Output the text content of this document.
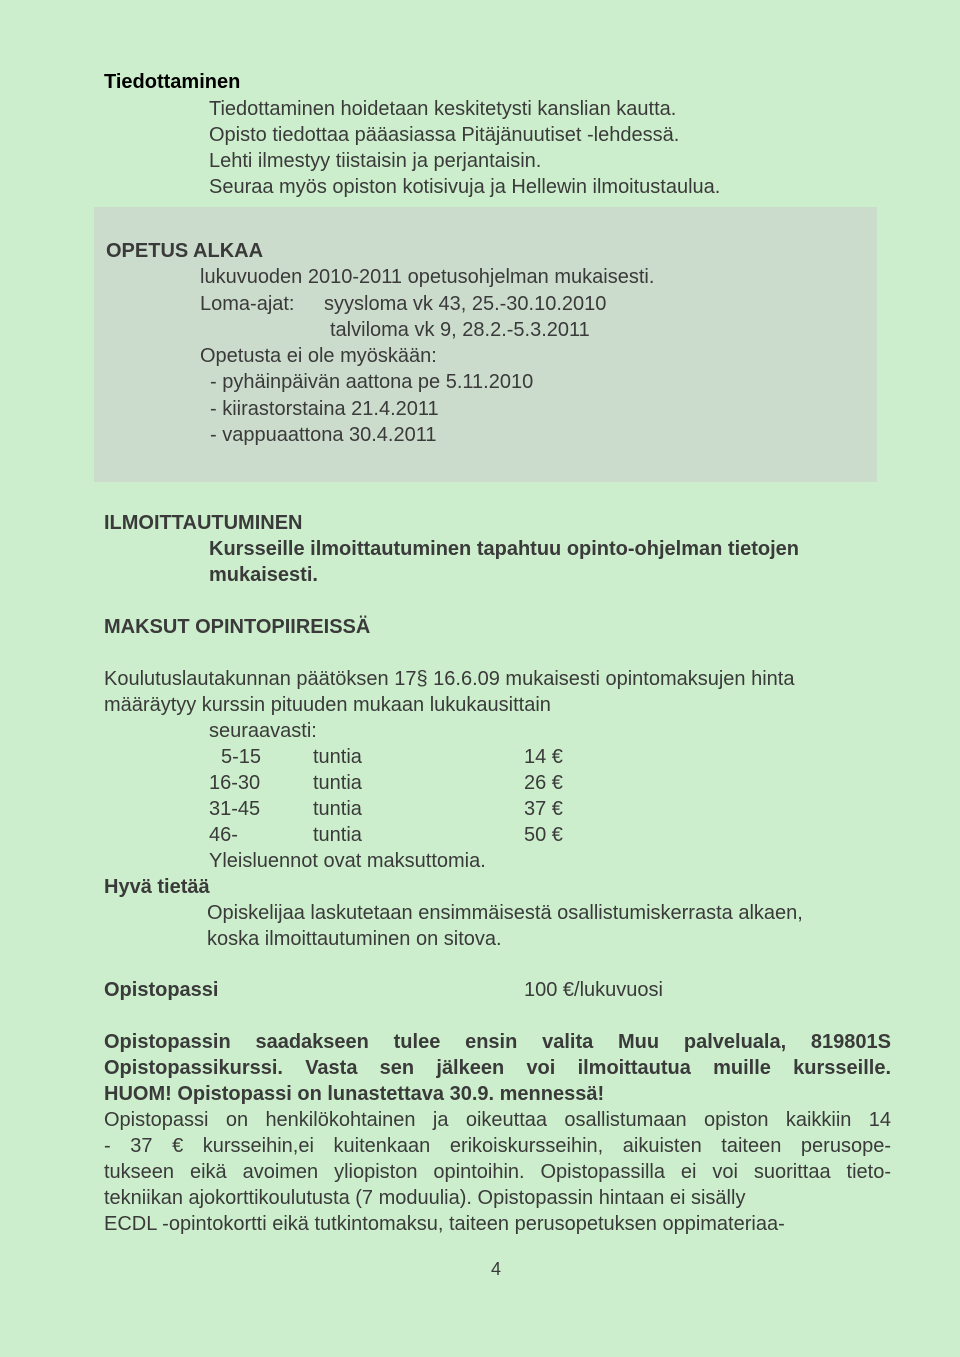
Tiedottaminen
Tiedottaminen hoidetaan keskitetysti kanslian kautta.
Opisto tiedottaa pääasiassa Pitäjänuutiset -lehdessä.
Lehti ilmestyy tiistaisin ja perjantaisin.
Seuraa myös opiston kotisivuja ja Hellewin ilmoitustaulua.
OPETUS ALKAA
lukuvuoden 2010-2011 opetusohjelman mukaisesti.
Loma-ajat: syysloma vk 43, 25.-30.10.2010
talviloma vk 9, 28.2.-5.3.2011
Opetusta ei ole myöskään:
- pyhäinpäivän aattona pe 5.11.2010
- kiirastorstaina 21.4.2011
- vappuaattona 30.4.2011
ILMOITTAUTUMINEN
Kursseille ilmoittautuminen tapahtuu opinto-ohjelman tietojen
mukaisesti.
MAKSUT OPINTOPIIREISSÄ
Koulutuslautakunnan päätöksen 17§ 16.6.09 mukaisesti opintomaksujen hinta
määräytyy kurssin pituuden mukaan lukukausittain
seuraavasti:
5-15	tuntia	14 €
16-30	tuntia	26 €
31-45	tuntia	37 €
46-	tuntia	50 €
Yleisluennot ovat maksuttomia.
Hyvä tietää
Opiskelijaa laskutetaan ensimmäisestä osallistumiskerrasta alkaen,
koska ilmoittautuminen on sitova.
Opistopassi	100 €/lukuvuosi
Opistopassin saadakseen tulee ensin valita Muu palveluala, 819801S
Opistopassikurssi. Vasta sen jälkeen voi ilmoittautua muille kursseille.
HUOM! Opistopassi on lunastettava 30.9. mennessä!
Opistopassi on henkilökohtainen ja oikeuttaa osallistumaan opiston kaikkiin 14
- 37 € kursseihin,ei kuitenkaan erikoiskursseihin, aikuisten taiteen perusope-
tukseen eikä avoimen yliopiston opintoihin. Opistopassilla ei voi suorittaa tieto-
tekniikan ajokorttikoulutusta (7 moduulia). Opistopassin hintaan ei sisälly
ECDL -opintokortti eikä tutkintomaksu, taiteen perusopetuksen oppimateriaa-
4
